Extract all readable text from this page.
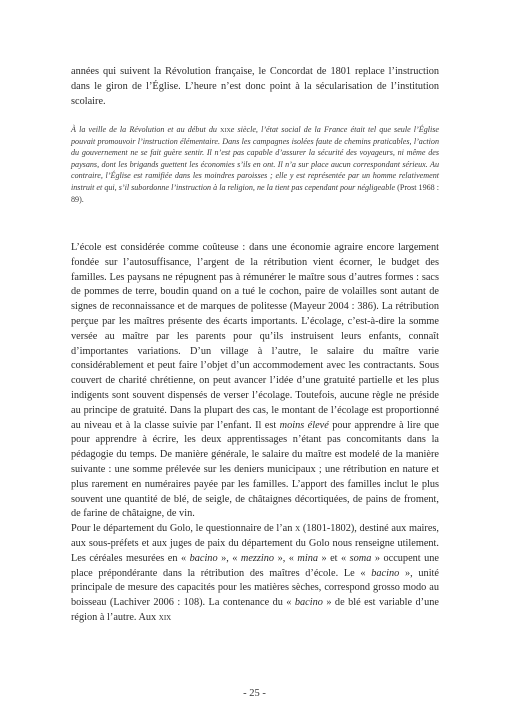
années qui suivent la Révolution française, le Concordat de 1801 replace l’instruction dans le giron de l’Église. L’heure n’est donc point à la sécularisation de l’institution scolaire.

À la veille de la Révolution et au début du xixe siècle, l’état social de la France était tel que seule l’Église pouvait promouvoir l’instruction élémentaire. Dans les campagnes isolées faute de chemins praticables, l’action du gouvernement ne se fait guère sentir. Il n’est pas capable d’assurer la sécurité des voyageurs, ni même des paysans, dont les brigands guettent les économies s’ils en ont. Il n’a sur place aucun correspondant sérieux. Au contraire, l’Église est ramifiée dans les moindres paroisses ; elle y est représentée par un homme relativement instruit et qui, s’il subordonne l’instruction à la religion, ne la tient pas cependant pour négligeable (Prost 1968 : 89).

L’école est considérée comme coûteuse : dans une économie agraire encore largement fondée sur l’autosuffisance, l’argent de la rétribution vient écorner, le budget des familles. Les paysans ne répugnent pas à rémunérer le maître sous d’autres formes : sacs de pommes de terre, boudin quand on a tué le cochon, paire de volailles sont autant de signes de reconnaissance et de marques de politesse (Mayeur 2004 : 386). La rétribution perçue par les maîtres présente des écarts importants. L’écolage, c’est-à-dire la somme versée au maître par les parents pour qu’ils instruisent leurs enfants, connaît d’importantes variations. D’un village à l’autre, le salaire du maître varie considérablement et peut faire l’objet d’un accommodement avec les contractants. Sous couvert de charité chrétienne, on peut avancer l’idée d’une gratuité partielle et les plus indigents sont souvent dispensés de verser l’écolage. Toutefois, aucune règle ne préside au principe de gratuité. Dans la plupart des cas, le montant de l’écolage est proportionné au niveau et à la classe suivie par l’enfant. Il est moins élevé pour apprendre à lire que pour apprendre à écrire, les deux apprentissages n’étant pas concomitants dans la pédagogie du temps. De manière générale, le salaire du maître est modelé de la manière suivante : une somme prélevée sur les deniers municipaux ; une rétribution en nature et plus rarement en numéraires payée par les familles. L’apport des familles inclut le plus souvent une quantité de blé, de seigle, de châtaignes décortiquées, de pains de froment, de farine de châtaigne, de vin.

Pour le département du Golo, le questionnaire de l’an x (1801-1802), destiné aux maires, aux sous-préfets et aux juges de paix du département du Golo nous renseigne utilement. Les céréales mesurées en « bacino », « mezzino », « mina » et « soma » occupent une place prépondérante dans la rétribution des maîtres d’école. Le « bacino », unité principale de mesure des capacités pour les matières sèches, correspond grosso modo au boisseau (Lachiver 2006 : 108). La contenance du « bacino » de blé est variable d’une région à l’autre. Aux xix

- 25 -
